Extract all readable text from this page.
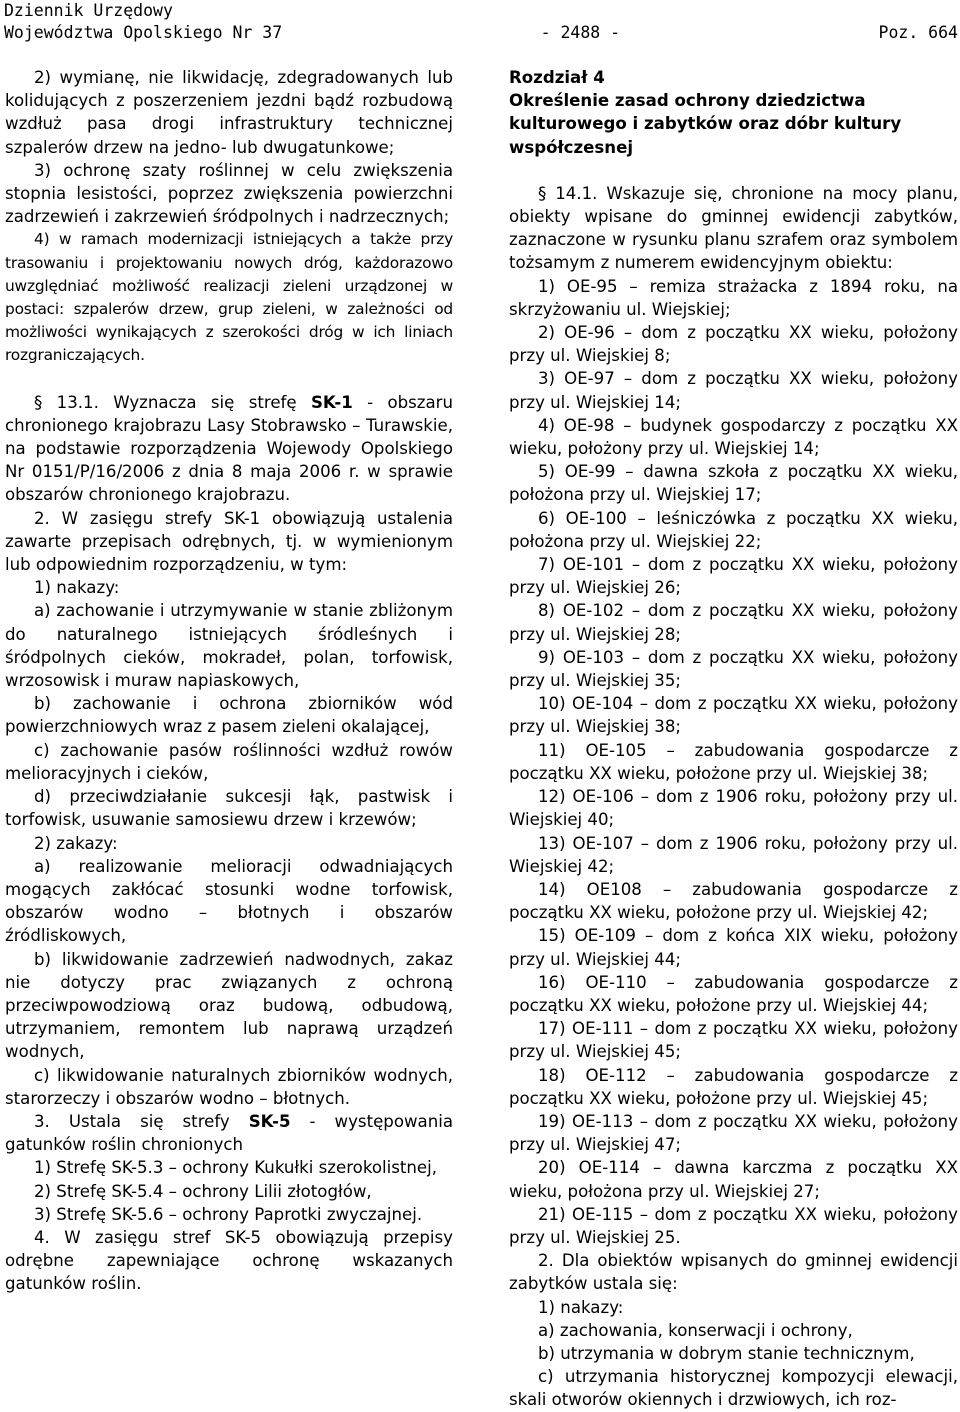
Dziennik Urzędowy
Województwa Opolskiego Nr 37	- 2488 -	Poz. 664

2) wymianę, nie likwidację, zdegradowanych lub kolidujących z poszerzeniem jezdni bądź rozbudową wzdłuż pasa drogi infrastruktury technicznej szpalerów drzew na jedno- lub dwugatunkowe;

3) ochronę szaty roślinnej w celu zwiększenia stopnia lesistości, poprzez zwiększenia powierzchni zadrzewień i zakrzewień śródpolnych i nadrzecznych;

4) w ramach modernizacji istniejących a także przy trasowaniu i projektowaniu nowych dróg, każdorazowo uwzględniać możliwość realizacji zieleni urządzonej w postaci: szpalerów drzew, grup zieleni, w zależności od możliwości wynikających z szerokości dróg w ich liniach rozgraniczających.

§ 13.1. Wyznacza się strefę SK-1 - obszaru chronionego krajobrazu Lasy Stobrawsko – Turawskie, na podstawie rozporządzenia Wojewody Opolskiego Nr 0151/P/16/2006 z dnia 8 maja 2006 r. w sprawie obszarów chronionego krajobrazu.

2. W zasięgu strefy SK-1 obowiązują ustalenia zawarte przepisach odrębnych, tj. w wymienionym lub odpowiednim rozporządzeniu, w tym:

1) nakazy:

a) zachowanie i utrzymywanie w stanie zbliżonym do naturalnego istniejących śródleśnych i śródpolnych cieków, mokradeł, polan, torfowisk, wrzosowisk i muraw napiaskowych,

b) zachowanie i ochrona zbiorników wód powierzchniowych wraz z pasem zieleni okalającej,

c) zachowanie pasów roślinności wzdłuż rowów melioracyjnych i cieków,

d) przeciwdziałanie sukcesji łąk, pastwisk i torfowisk, usuwanie samosiewu drzew i krzewów;

2) zakazy:

a) realizowanie melioracji odwadniających mogących zakłócać stosunki wodne torfowisk, obszarów wodno – błotnych i obszarów źródliskowych,

b) likwidowanie zadrzewień nadwodnych, zakaz nie dotyczy prac związanych z ochroną przeciwpowodziową oraz budową, odbudową, utrzymaniem, remontem lub naprawą urządzeń wodnych,

c) likwidowanie naturalnych zbiorników wodnych, starorzeczy i obszarów wodno – błotnych.

3. Ustala się strefy SK-5 - występowania gatunków roślin chronionych

1) Strefę SK-5.3 – ochrony Kukułki szerokolistnej,

2) Strefę SK-5.4 – ochrony Lilii złotogłów,

3) Strefę SK-5.6 – ochrony Paprotki zwyczajnej.

4. W zasięgu stref SK-5 obowiązują przepisy odrębne zapewniające ochronę wskazanych gatunków roślin.

Rozdział 4

Określenie zasad ochrony dziedzictwa kulturowego i zabytków oraz dóbr kultury współczesnej

§ 14.1. Wskazuje się, chronione na mocy planu, obiekty wpisane do gminnej ewidencji zabytków, zaznaczone w rysunku planu szrafem oraz symbolem tożsamym z numerem ewidencyjnym obiektu:

1) OE-95 – remiza strażacka z 1894 roku, na skrzyżowaniu ul. Wiejskiej;

2) OE-96 – dom z początku XX wieku, położony przy ul. Wiejskiej 8;

3) OE-97 – dom z początku XX wieku, położony przy ul. Wiejskiej 14;

4) OE-98 – budynek gospodarczy z początku XX wieku, położony przy ul. Wiejskiej 14;

5) OE-99 – dawna szkoła z początku XX wieku, położona przy ul. Wiejskiej 17;

6) OE-100 – leśniczówka z początku XX wieku, położona przy ul. Wiejskiej 22;

7) OE-101 – dom z początku XX wieku, położony przy ul. Wiejskiej 26;

8) OE-102 – dom z początku XX wieku, położony przy ul. Wiejskiej 28;

9) OE-103 – dom z początku XX wieku, położony przy ul. Wiejskiej 35;

10) OE-104 – dom z początku XX wieku, położony przy ul. Wiejskiej 38;

11) OE-105 – zabudowania gospodarcze z początku XX wieku, położone przy ul. Wiejskiej 38;

12) OE-106 – dom z 1906 roku, położony przy ul. Wiejskiej 40;

13) OE-107 – dom z 1906 roku, położony przy ul. Wiejskiej 42;

14) OE108 – zabudowania gospodarcze z początku XX wieku, położone przy ul. Wiejskiej 42;

15) OE-109 – dom z końca XIX wieku, położony przy ul. Wiejskiej 44;

16) OE-110 – zabudowania gospodarcze z początku XX wieku, położone przy ul. Wiejskiej 44;

17) OE-111 – dom z początku XX wieku, położony przy ul. Wiejskiej 45;

18) OE-112 – zabudowania gospodarcze z początku XX wieku, położone przy ul. Wiejskiej 45;

19) OE-113 – dom z początku XX wieku, położony przy ul. Wiejskiej 47;

20) OE-114 – dawna karczma z początku XX wieku, położona przy ul. Wiejskiej 27;

21) OE-115 – dom z początku XX wieku, położony przy ul. Wiejskiej 25.

2. Dla obiektów wpisanych do gminnej ewidencji zabytków ustala się:

1) nakazy:

a) zachowania, konserwacji i ochrony,

b) utrzymania w dobrym stanie technicznym,

c) utrzymania historycznej kompozycji elewacji, skali otworów okiennych i drzwiowych, ich roz-
